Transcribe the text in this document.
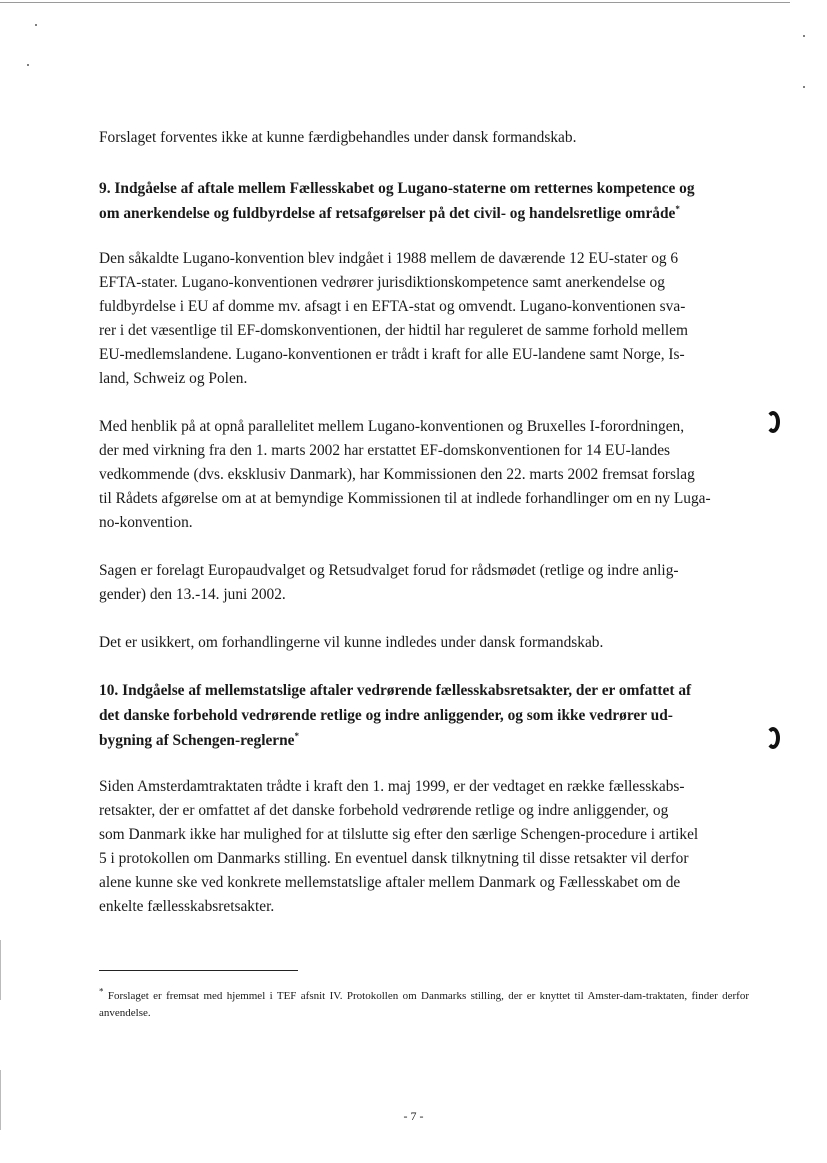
Forslaget forventes ikke at kunne færdigbehandles under dansk formandskab.

9. Indgåelse af aftale mellem Fællesskabet og Lugano-staterne om retternes kompetence og
om anerkendelse og fuldbyrdelse af retsafgørelser på det civil- og handelsretlige område*

Den såkaldte Lugano-konvention blev indgået i 1988 mellem de daværende 12 EU-stater og 6
EFTA-stater. Lugano-konventionen vedrører jurisdiktionskompetence samt anerkendelse og
fuldbyrdelse i EU af domme mv. afsagt i en EFTA-stat og omvendt. Lugano-konventionen sva-
rer i det væsentlige til EF-domskonventionen, der hidtil har reguleret de samme forhold mellem
EU-medlemslandene. Lugano-konventionen er trådt i kraft for alle EU-landene samt Norge, Is-
land, Schweiz og Polen.

Med henblik på at opnå parallelitet mellem Lugano-konventionen og Bruxelles I-forordningen,
der med virkning fra den 1. marts 2002 har erstattet EF-domskonventionen for 14 EU-landes
vedkommende (dvs. eksklusiv Danmark), har Kommissionen den 22. marts 2002 fremsat forslag
til Rådets afgørelse om at at bemyndige Kommissionen til at indlede forhandlinger om en ny Luga-
no-konvention.

Sagen er forelagt Europaudvalget og Retsudvalget forud for rådsmødet (retlige og indre anlig-
gender) den 13.-14. juni 2002.

Det er usikkert, om forhandlingerne vil kunne indledes under dansk formandskab.

10. Indgåelse af mellemstatslige aftaler vedrørende fællesskabsretsakter, der er omfattet af
det danske forbehold vedrørende retlige og indre anliggender, og som ikke vedrører ud-
bygning af Schengen-reglerne*

Siden Amsterdamtraktaten trådte i kraft den 1. maj 1999, er der vedtaget en række fællesskabs-
retsakter, der er omfattet af det danske forbehold vedrørende retlige og indre anliggender, og
som Danmark ikke har mulighed for at tilslutte sig efter den særlige Schengen-procedure i artikel
5 i protokollen om Danmarks stilling. En eventuel dansk tilknytning til disse retsakter vil derfor
alene kunne ske ved konkrete mellemstatslige aftaler mellem Danmark og Fællesskabet om de
enkelte fællesskabsretsakter.

* Forslaget er fremsat med hjemmel i TEF afsnit IV. Protokollen om Danmarks stilling, der er knyttet til Amster-dam-traktaten, finder derfor anvendelse.
- 7 -
